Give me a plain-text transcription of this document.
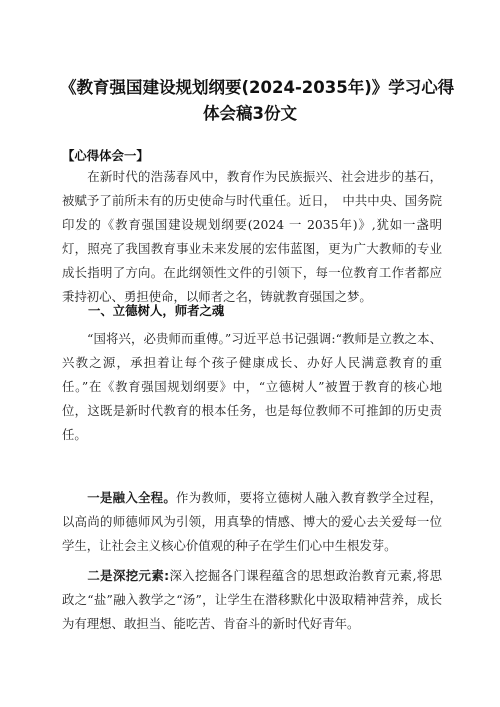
《教育强国建设规划纲要(2024-2035年)》学习心得
体会稿3份文
【心得体会一】
在新时代的浩荡春风中，教育作为民族振兴、社会进步的基石，被赋予了前所未有的历史使命与时代重任。近日，　中共中央、国务院印发的《教育强国建设规划纲要(2024 一 2035年)》,犹如一盏明灯，照亮了我国教育事业未来发展的宏伟蓝图，更为广大教师的专业成长指明了方向。在此纲领性文件的引领下，每一位教育工作者都应秉持初心、勇担使命，以师者之名，铸就教育强国之梦。
一、立德树人，师者之魂
“国将兴，必贵师而重傅。”习近平总书记强调:“教师是立教之本、兴教之源，承担着让每个孩子健康成长、办好人民满意教育的重任。”在《教育强国规划纲要》中，“立德树人”被置于教育的核心地位，这既是新时代教育的根本任务，也是每位教师不可推卸的历史责任。
一是融入全程。作为教师，要将立德树人融入教育教学全过程，以高尚的师德师风为引领，用真挚的情感、博大的爱心去关爱每一位学生，让社会主义核心价值观的种子在学生们心中生根发芽。
二是深挖元素:深入挖掘各门课程蕴含的思想政治教育元素,将思政之“盐”融入教学之“汤”，让学生在潜移默化中汲取精神营养，成长为有理想、敢担当、能吃苦、肯奋斗的新时代好青年。
